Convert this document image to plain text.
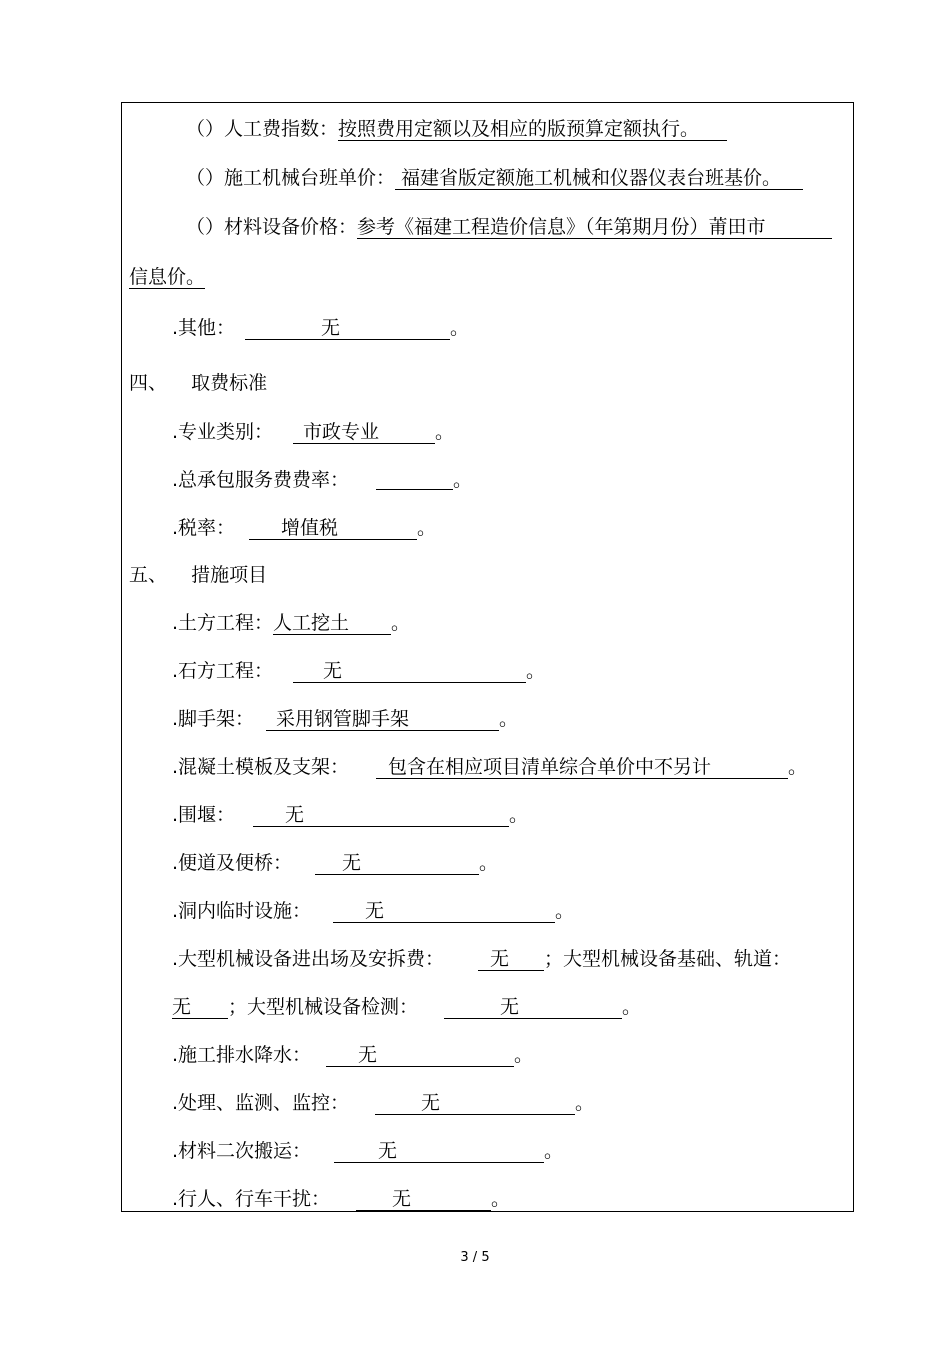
（）人工费指数：按照费用定额以及相应的版预算定额执行。
（）施工机械台班单价： 福建省版定额施工机械和仪器仪表台班基价。
（）材料设备价格：参考《福建工程造价信息》（年第期月份）莆田市
信息价。
.其他：	无	。
四、    取费标准
.专业类别： 市政专业	。
.总承包服务费费率：	。
.税率： 增值税	。
五、    措施项目
.土方工程：人工挖土 。
.石方工程：	无	。
.脚手架： 采用钢管脚手架	。
.混凝土模板及支架： 包含在相应项目清单综合单价中不另计	。
.围堰：	无	。
.便道及便桥：	无	。
.洞内临时设施：	无	。
.大型机械设备进出场及安拆费： 无 ；大型机械设备基础、轨道：
无 ；大型机械设备检测：	无	。
.施工排水降水： 无	。
.处理、监测、监控：	无	。
.材料二次搬运：	无	。
.行人、行车干扰：	无	。
3 / 5
